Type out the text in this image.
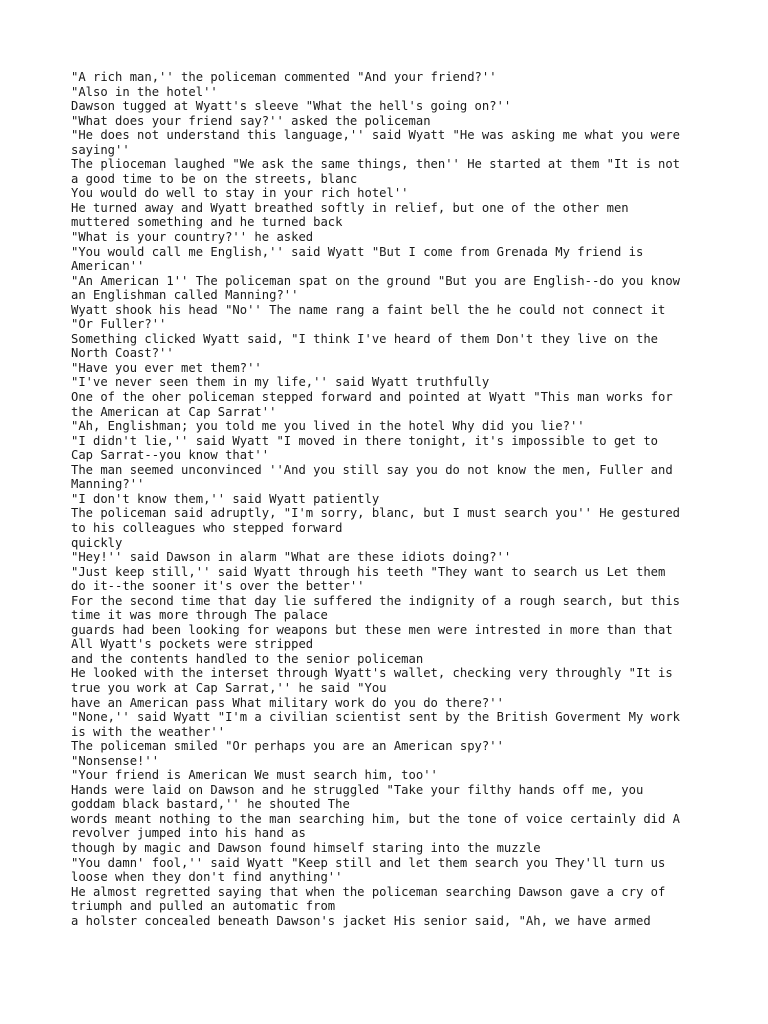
"A rich man,'' the policeman commented "And your friend?''
"Also in the hotel''
Dawson tugged at Wyatt's sleeve "What the hell's going on?''
"What does your friend say?'' asked the policeman
"He does not understand this language,'' said Wyatt "He was asking me what you were
saying''
The plioceman laughed "We ask the same things, then'' He started at them "It is not
a good time to be on the streets, blanc
You would do well to stay in your rich hotel''
He turned away and Wyatt breathed softly in relief, but one of the other men
muttered something and he turned back
"What is your country?'' he asked
"You would call me English,'' said Wyatt "But I come from Grenada My friend is
American''
"An American 1'' The policeman spat on the ground "But you are English--do you know
an Englishman called Manning?''
Wyatt shook his head "No'' The name rang a faint bell the he could not connect it
"Or Fuller?''
Something clicked Wyatt said, "I think I've heard of them Don't they live on the
North Coast?''
"Have you ever met them?''
"I've never seen them in my life,'' said Wyatt truthfully
One of the oher policeman stepped forward and pointed at Wyatt "This man works for
the American at Cap Sarrat''
"Ah, Englishman; you told me you lived in the hotel Why did you lie?''
"I didn't lie,'' said Wyatt "I moved in there tonight, it's impossible to get to
Cap Sarrat--you know that''
The man seemed unconvinced ''And you still say you do not know the men, Fuller and
Manning?''
"I don't know them,'' said Wyatt patiently
The policeman said adruptly, "I'm sorry, blanc, but I must search you'' He gestured
to his colleagues who stepped forward
quickly
"Hey!'' said Dawson in alarm "What are these idiots doing?''
"Just keep still,'' said Wyatt through his teeth "They want to search us Let them
do it--the sooner it's over the better''
For the second time that day lie suffered the indignity of a rough search, but this
time it was more through The palace
guards had been looking for weapons but these men were intrested in more than that
All Wyatt's pockets were stripped
and the contents handled to the senior policeman
He looked with the interset through Wyatt's wallet, checking very throughly "It is
true you work at Cap Sarrat,'' he said "You
have an American pass What military work do you do there?''
"None,'' said Wyatt "I'm a civilian scientist sent by the British Goverment My work
is with the weather''
The policeman smiled "Or perhaps you are an American spy?''
"Nonsense!''
"Your friend is American We must search him, too''
Hands were laid on Dawson and he struggled "Take your filthy hands off me, you
goddam black bastard,'' he shouted The
words meant nothing to the man searching him, but the tone of voice certainly did A
revolver jumped into his hand as
though by magic and Dawson found himself staring into the muzzle
"You damn' fool,'' said Wyatt "Keep still and let them search you They'll turn us
loose when they don't find anything''
He almost regretted saying that when the policeman searching Dawson gave a cry of
triumph and pulled an automatic from
a holster concealed beneath Dawson's jacket His senior said, "Ah, we have armed
